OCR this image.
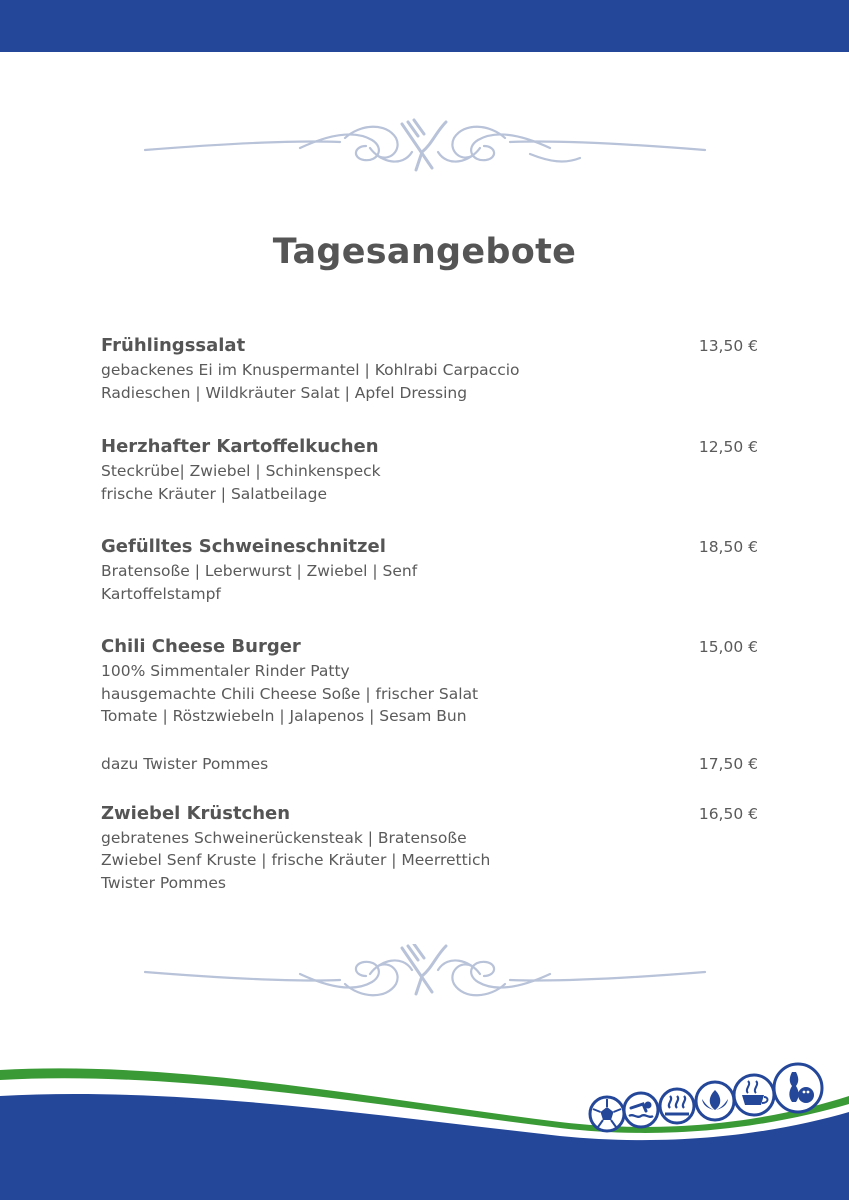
Tagesangebote
Frühlingssalat	13,50 €
gebackenes Ei im Knuspermantel | Kohlrabi Carpaccio
Radieschen | Wildkräuter Salat | Apfel Dressing
Herzhafter Kartoffelkuchen	12,50 €
Steckrübe| Zwiebel | Schinkenspeck
frische Kräuter | Salatbeilage
Gefülltes Schweineschnitzel	18,50 €
Bratensoße | Leberwurst | Zwiebel | Senf
Kartoffelstampf
Chili Cheese Burger	15,00 €
100% Simmentaler Rinder Patty
hausgemachte Chili Cheese Soße | frischer Salat
Tomate | Röstzwiebeln | Jalapenos | Sesam Bun
dazu Twister Pommes	17,50 €
Zwiebel Krüstchen	16,50 €
gebratenes Schweinerückensteak | Bratensoße
Zwiebel Senf Kruste | frische Kräuter | Meerrettich
Twister Pommes
